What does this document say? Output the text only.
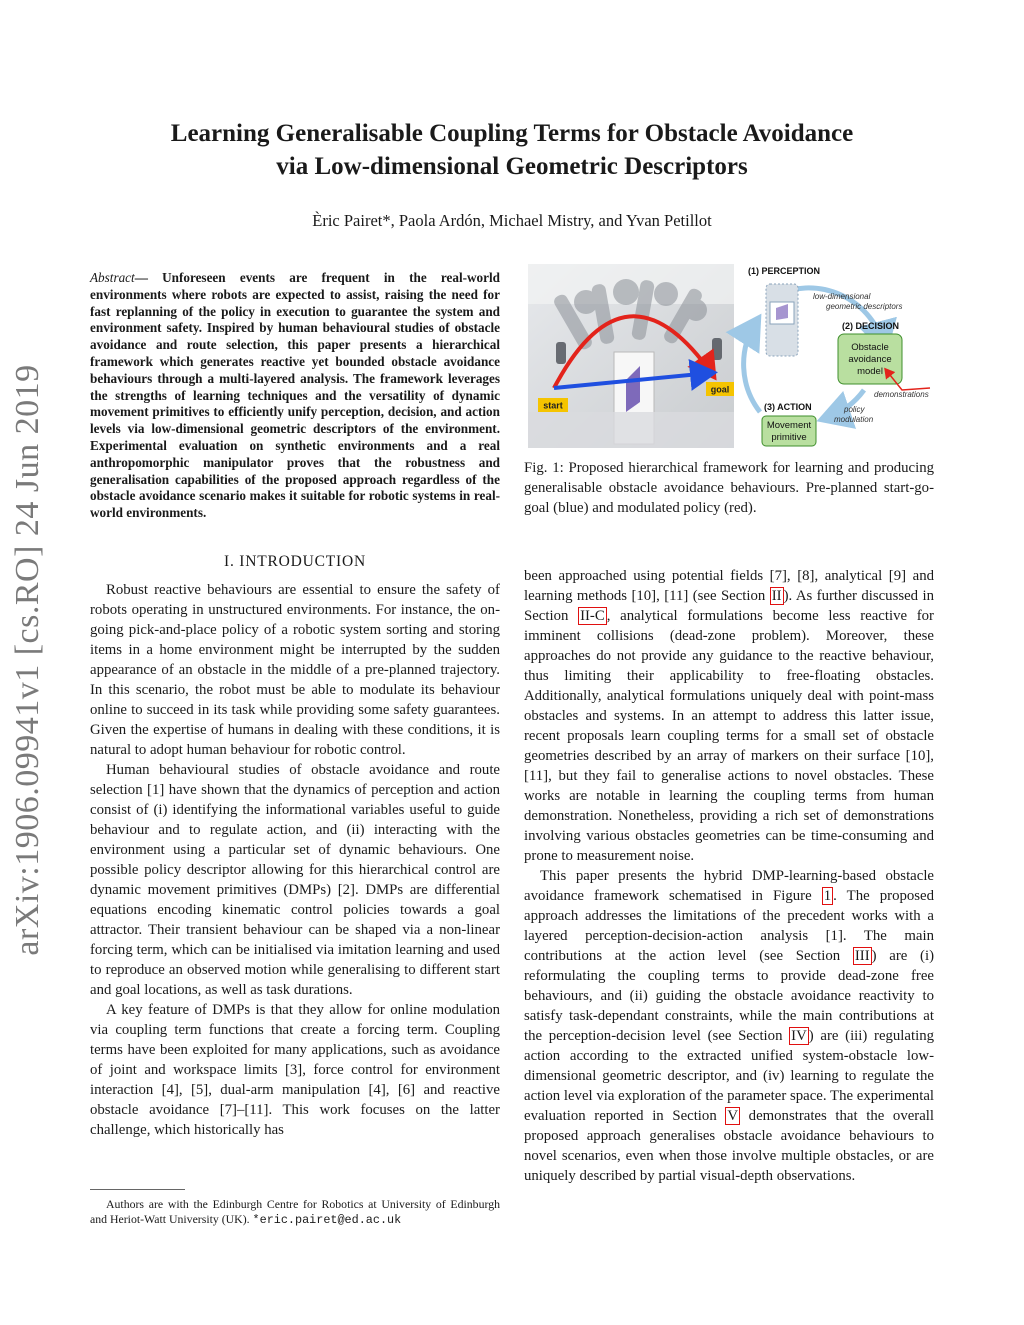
arXiv:1906.09941v1 [cs.RO] 24 Jun 2019
Learning Generalisable Coupling Terms for Obstacle Avoidance
via Low-dimensional Geometric Descriptors
Èric Pairet*, Paola Ardón, Michael Mistry, and Yvan Petillot
Abstract— Unforeseen events are frequent in the real-world environments where robots are expected to assist, raising the need for fast replanning of the policy in execution to guarantee the system and environment safety. Inspired by human behavioural studies of obstacle avoidance and route selection, this paper presents a hierarchical framework which generates reactive yet bounded obstacle avoidance behaviours through a multi-layered analysis. The framework leverages the strengths of learning techniques and the versatility of dynamic movement primitives to efficiently unify perception, decision, and action levels via low-dimensional geometric descriptors of the environment. Experimental evaluation on synthetic environments and a real anthropomorphic manipulator proves that the robustness and generalisation capabilities of the proposed approach regardless of the obstacle avoidance scenario makes it suitable for robotic systems in real-world environments.
I. INTRODUCTION

Robust reactive behaviours are essential to ensure the safety of robots operating in unstructured environments. For instance, the on-going pick-and-place policy of a robotic system sorting and storing items in a home environment might be interrupted by the sudden appearance of an obstacle in the middle of a pre-planned trajectory. In this scenario, the robot must be able to modulate its behaviour online to succeed in its task while providing some safety guarantees. Given the expertise of humans in dealing with these conditions, it is natural to adopt human behaviour for robotic control.

Human behavioural studies of obstacle avoidance and route selection [1] have shown that the dynamics of perception and action consist of (i) identifying the informational variables useful to guide behaviour and to regulate action, and (ii) interacting with the environment using a particular set of dynamic behaviours. One possible policy descriptor allowing for this hierarchical control are dynamic movement primitives (DMPs) [2]. DMPs are differential equations encoding kinematic control policies towards a goal attractor. Their transient behaviour can be shaped via a non-linear forcing term, which can be initialised via imitation learning and used to reproduce an observed motion while generalising to different start and goal locations, as well as task durations.

A key feature of DMPs is that they allow for online modulation via coupling term functions that create a forcing term. Coupling terms have been exploited for many applications, such as avoidance of joint and workspace limits [3], force control for environment interaction [4], [5], dual-arm manipulation [4], [6] and reactive obstacle avoidance [7]–[11]. This work focuses on the latter challenge, which historically has

Authors are with the Edinburgh Centre for Robotics at University of Edinburgh and Heriot-Watt University (UK). *eric.pairet@ed.ac.uk
start
goal
(1) PERCEPTION
low-dimensional
geometric descriptors
(2) DECISION
Obstacle
avoidance
model
demonstrations
(3) ACTION
Movement
primitive
policy
modulation
Fig. 1: Proposed hierarchical framework for learning and producing generalisable obstacle avoidance behaviours. Pre-planned start-go-goal (blue) and modulated policy (red).

been approached using potential fields [7], [8], analytical [9] and learning methods [10], [11] (see Section II ). As further discussed in Section II-C , analytical formulations become less reactive for imminent collisions (dead-zone problem). Moreover, these approaches do not provide any guidance to the reactive behaviour, thus limiting their applicability to free-floating obstacles. Additionally, analytical formulations uniquely deal with point-mass obstacles and systems. In an attempt to address this latter issue, recent proposals learn coupling terms for a small set of obstacle geometries described by an array of markers on their surface [10], [11], but they fail to generalise actions to novel obstacles. These works are notable in learning the coupling terms from human demonstration. Nonetheless, providing a rich set of demonstrations involving various obstacles geometries can be time-consuming and prone to measurement noise.

This paper presents the hybrid DMP-learning-based obstacle avoidance framework schematised in Figure 1 . The proposed approach addresses the limitations of the precedent works with a layered perception-decision-action analysis [1]. The main contributions at the action level (see Section III ) are (i) reformulating the coupling terms to provide dead-zone free behaviours, and (ii) guiding the obstacle avoidance reactivity to satisfy task-dependant constraints, while the main contributions at the perception-decision level (see Section IV ) are (iii) regulating action according to the extracted unified system-obstacle low-dimensional geometric descriptor, and (iv) learning to regulate the action level via exploration of the parameter space. The experimental evaluation reported in Section V demonstrates that the overall proposed approach generalises obstacle avoidance behaviours to novel scenarios, even when those involve multiple obstacles, or are uniquely described by partial visual-depth observations.
